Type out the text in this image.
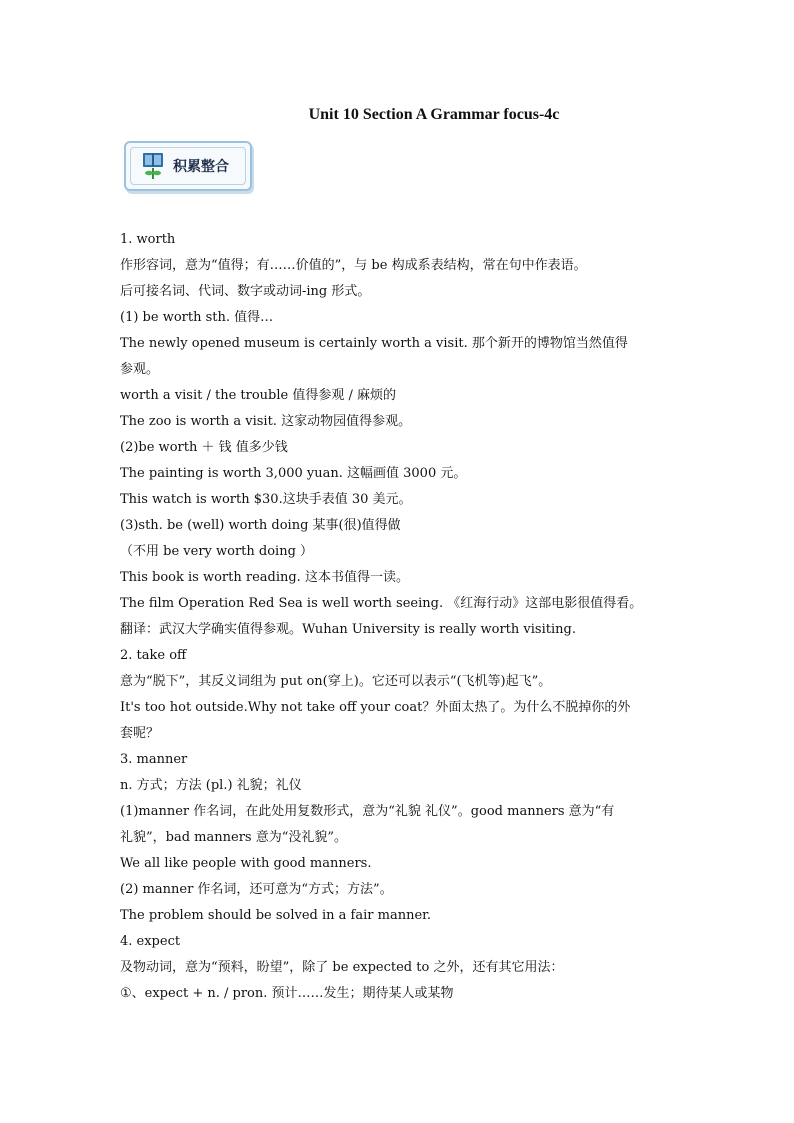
Unit 10 Section A Grammar focus-4c
积累整合
1. worth
作形容词，意为“值得；有……价值的”，与 be 构成系表结构，常在句中作表语。
后可接名词、代词、数字或动词-ing 形式。
(1) be worth sth. 值得…
The newly opened museum is certainly worth a visit. 那个新开的博物馆当然值得
参观。
worth a visit / the trouble 值得参观 / 麻烦的
The zoo is worth a visit. 这家动物园值得参观。
(2)be worth ＋ 钱 值多少钱
The painting is worth 3,000 yuan. 这幅画值 3000 元。
This watch is worth $30.这块手表值 30 美元。
(3)sth. be (well) worth doing 某事(很)值得做
（不用 be very worth doing ）
This book is worth reading. 这本书值得一读。
The film Operation Red Sea is well worth seeing. 《红海行动》这部电影很值得看。
翻译：武汉大学确实值得参观。Wuhan University is really worth visiting.
2. take off
意为“脱下”，其反义词组为 put on(穿上)。它还可以表示“(飞机等)起飞”。
It's too hot outside.Why not take off your coat？外面太热了。为什么不脱掉你的外
套呢？
3. manner
n. 方式；方法 (pl.) 礼貌；礼仪
(1)manner 作名词，在此处用复数形式，意为“礼貌 礼仪”。good manners 意为“有
礼貌”，bad manners 意为“没礼貌”。
We all like people with good manners.
(2) manner 作名词，还可意为“方式；方法”。
The problem should be solved in a fair manner.
4. expect
及物动词，意为“预料，盼望”，除了 be expected to 之外，还有其它用法：
①、expect + n. / pron. 预计……发生；期待某人或某物
